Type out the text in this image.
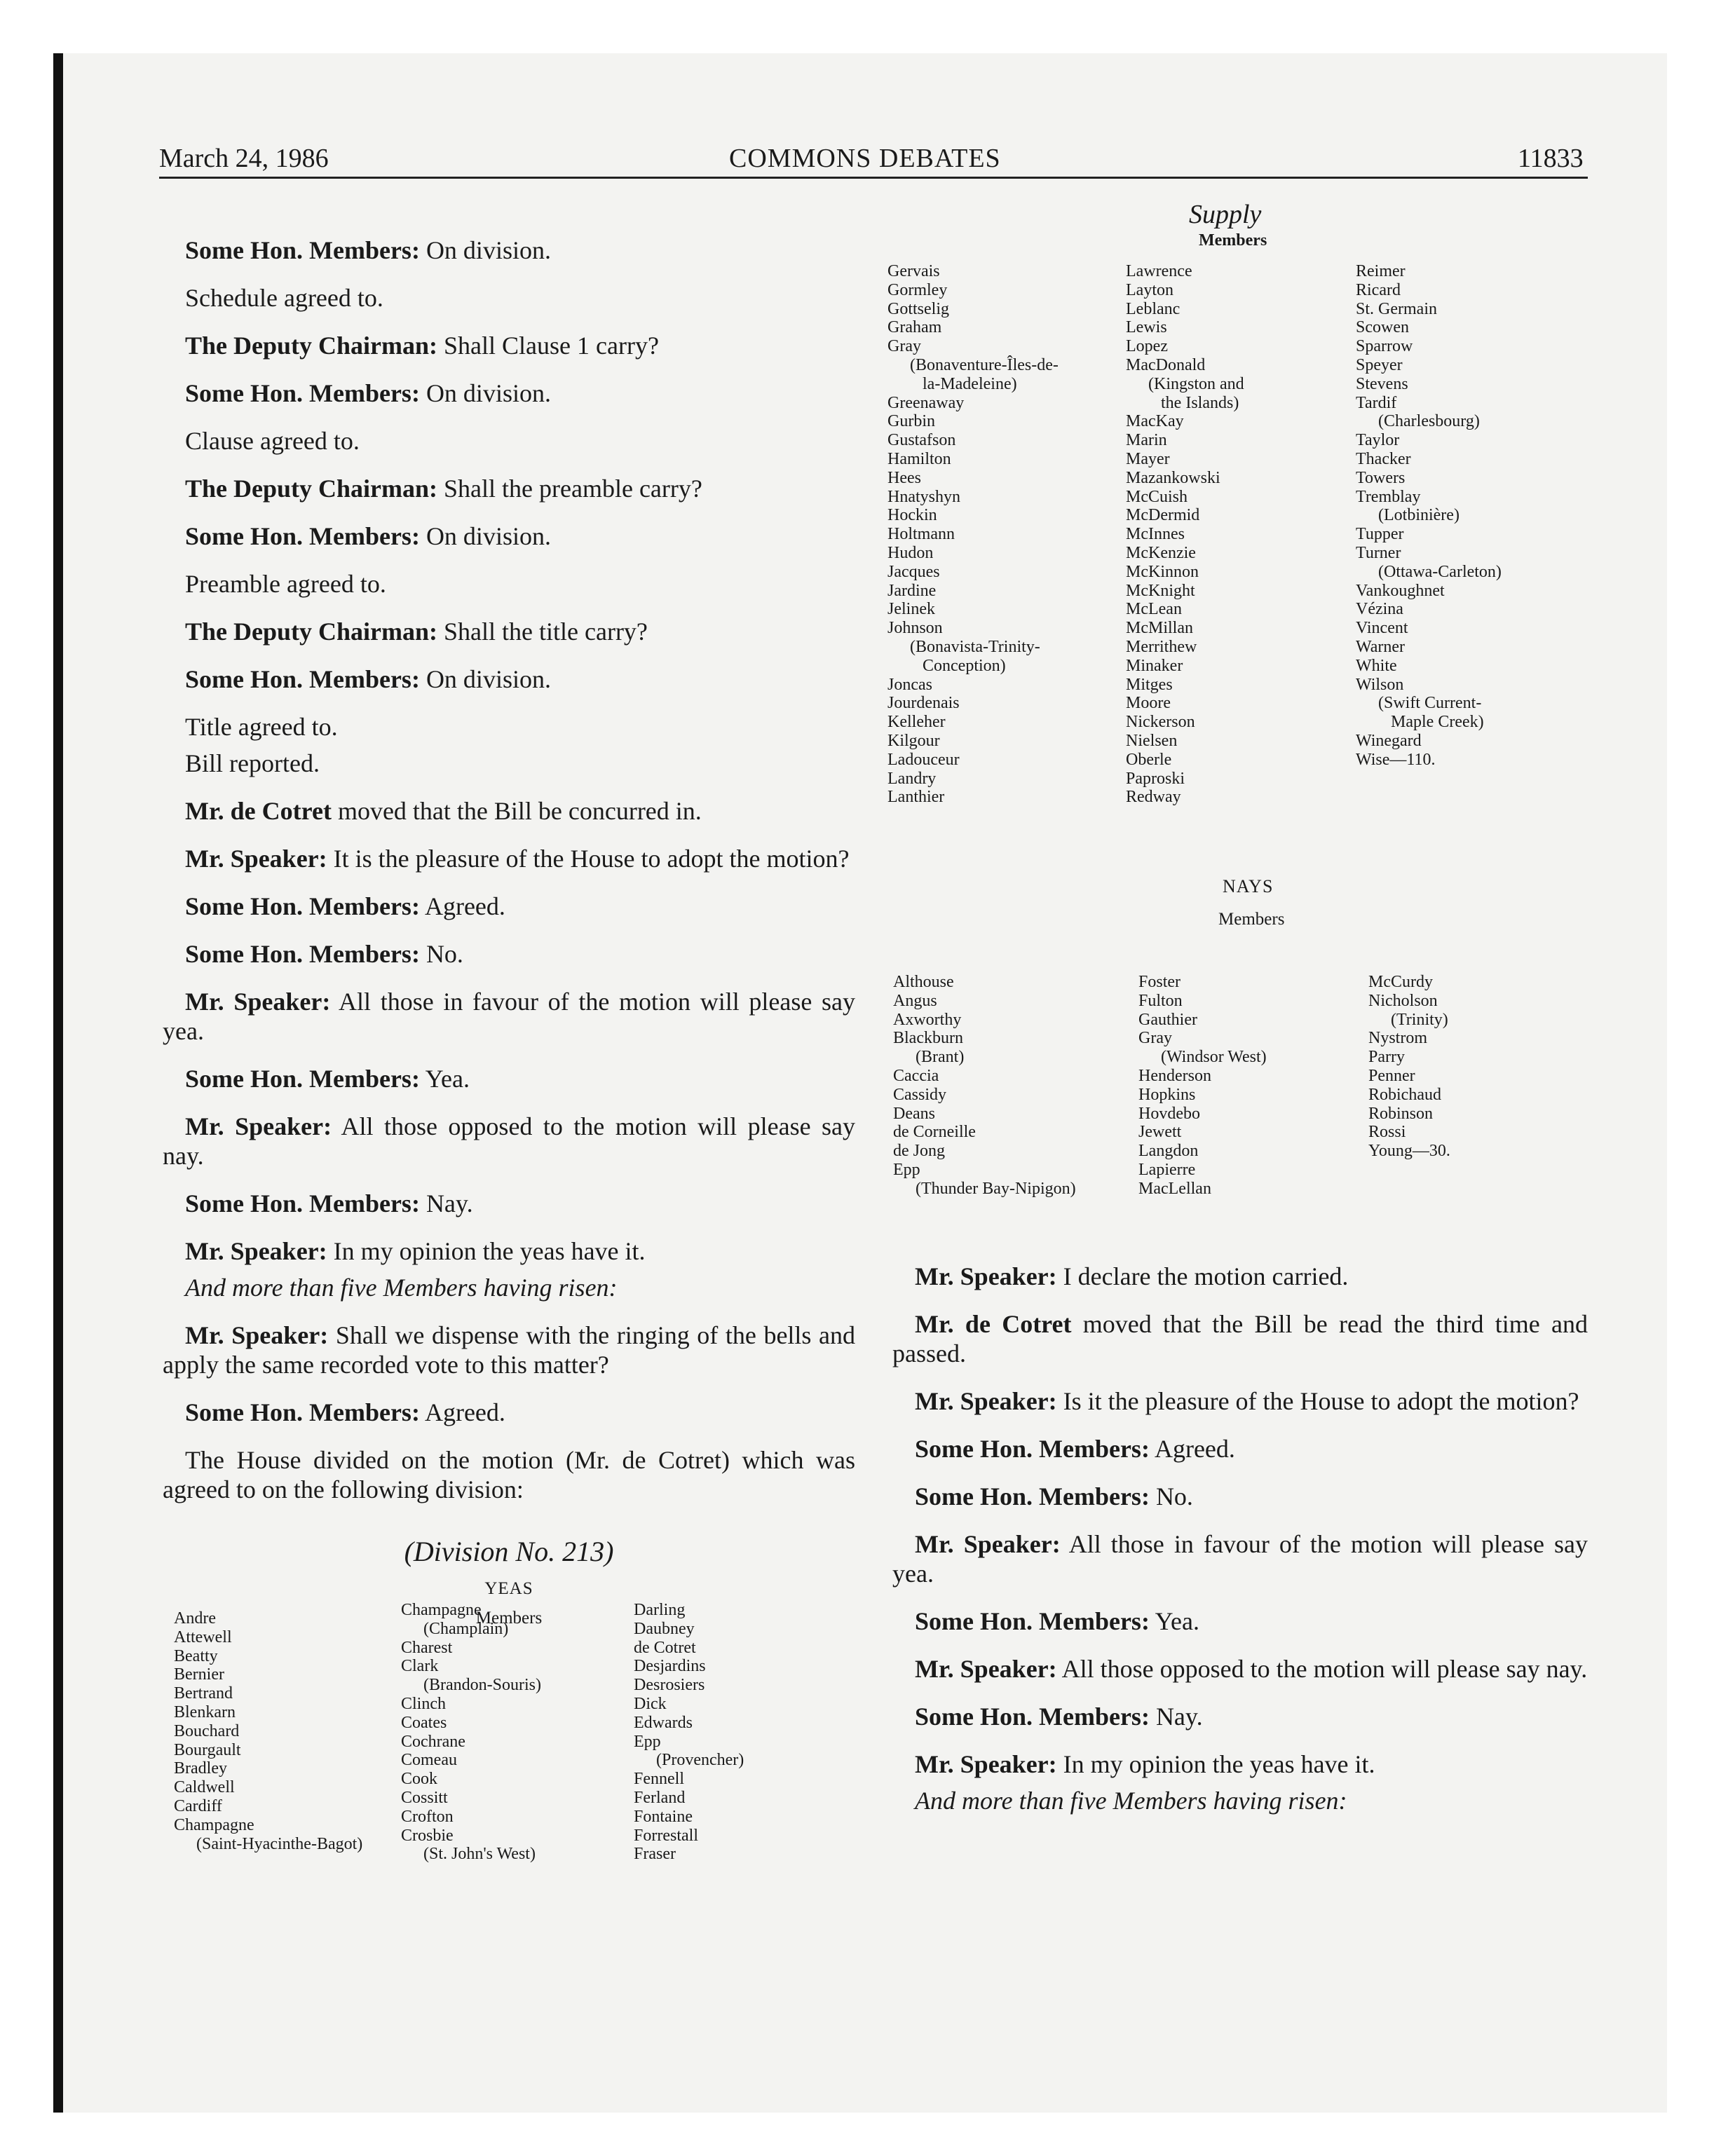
March 24, 1986	COMMONS DEBATES	11833

Some Hon. Members: On division.

Schedule agreed to.

The Deputy Chairman: Shall Clause 1 carry?

Some Hon. Members: On division.

Clause agreed to.

The Deputy Chairman: Shall the preamble carry?

Some Hon. Members: On division.

Preamble agreed to.

The Deputy Chairman: Shall the title carry?

Some Hon. Members: On division.

Title agreed to.

Bill reported.

Mr. de Cotret moved that the Bill be concurred in.

Mr. Speaker: It is the pleasure of the House to adopt the motion?

Some Hon. Members: Agreed.

Some Hon. Members: No.

Mr. Speaker: All those in favour of the motion will please say yea.

Some Hon. Members: Yea.

Mr. Speaker: All those opposed to the motion will please say nay.

Some Hon. Members: Nay.

Mr. Speaker: In my opinion the yeas have it.

And more than five Members having risen:

Mr. Speaker: Shall we dispense with the ringing of the bells and apply the same recorded vote to this matter?

Some Hon. Members: Agreed.

The House divided on the motion (Mr. de Cotret) which was agreed to on the following division:

(Division No. 213)
YEAS
Members
Andre
Attewell
Beatty
Bernier
Bertrand
Blenkarn
Bouchard
Bourgault
Bradley
Caldwell
Cardiff
Champagne
(Saint-Hyacinthe-Bagot)
Champagne
(Champlain)
Charest
Clark
(Brandon-Souris)
Clinch
Coates
Cochrane
Comeau
Cook
Cossitt
Crofton
Crosbie
(St. John's West)
Darling
Daubney
de Cotret
Desjardins
Desrosiers
Dick
Edwards
Epp
(Provencher)
Fennell
Ferland
Fontaine
Forrestall
Fraser
Supply
Members
Gervais
Gormley
Gottselig
Graham
Gray
(Bonaventure-Îles-de-
la-Madeleine)
Greenaway
Gurbin
Gustafson
Hamilton
Hees
Hnatyshyn
Hockin
Holtmann
Hudon
Jacques
Jardine
Jelinek
Johnson
(Bonavista-Trinity-
Conception)
Joncas
Jourdenais
Kelleher
Kilgour
Ladouceur
Landry
Lanthier
Lawrence
Layton
Leblanc
Lewis
Lopez
MacDonald
(Kingston and
the Islands)
MacKay
Marin
Mayer
Mazankowski
McCuish
McDermid
McInnes
McKenzie
McKinnon
McKnight
McLean
McMillan
Merrithew
Minaker
Mitges
Moore
Nickerson
Nielsen
Oberle
Paproski
Redway
Reimer
Ricard
St. Germain
Scowen
Sparrow
Speyer
Stevens
Tardif
(Charlesbourg)
Taylor
Thacker
Towers
Tremblay
(Lotbinière)
Tupper
Turner
(Ottawa-Carleton)
Vankoughnet
Vézina
Vincent
Warner
White
Wilson
(Swift Current-
Maple Creek)
Winegard
Wise—110.
NAYS
Members
Althouse
Angus
Axworthy
Blackburn
(Brant)
Caccia
Cassidy
Deans
de Corneille
de Jong
Epp
(Thunder Bay-Nipigon)
Foster
Fulton
Gauthier
Gray
(Windsor West)
Henderson
Hopkins
Hovdebo
Jewett
Langdon
Lapierre
MacLellan
McCurdy
Nicholson
(Trinity)
Nystrom
Parry
Penner
Robichaud
Robinson
Rossi
Young—30.

Mr. Speaker: I declare the motion carried.

Mr. de Cotret moved that the Bill be read the third time and passed.

Mr. Speaker: Is it the pleasure of the House to adopt the motion?

Some Hon. Members: Agreed.

Some Hon. Members: No.

Mr. Speaker: All those in favour of the motion will please say yea.

Some Hon. Members: Yea.

Mr. Speaker: All those opposed to the motion will please say nay.

Some Hon. Members: Nay.

Mr. Speaker: In my opinion the yeas have it.

And more than five Members having risen:
